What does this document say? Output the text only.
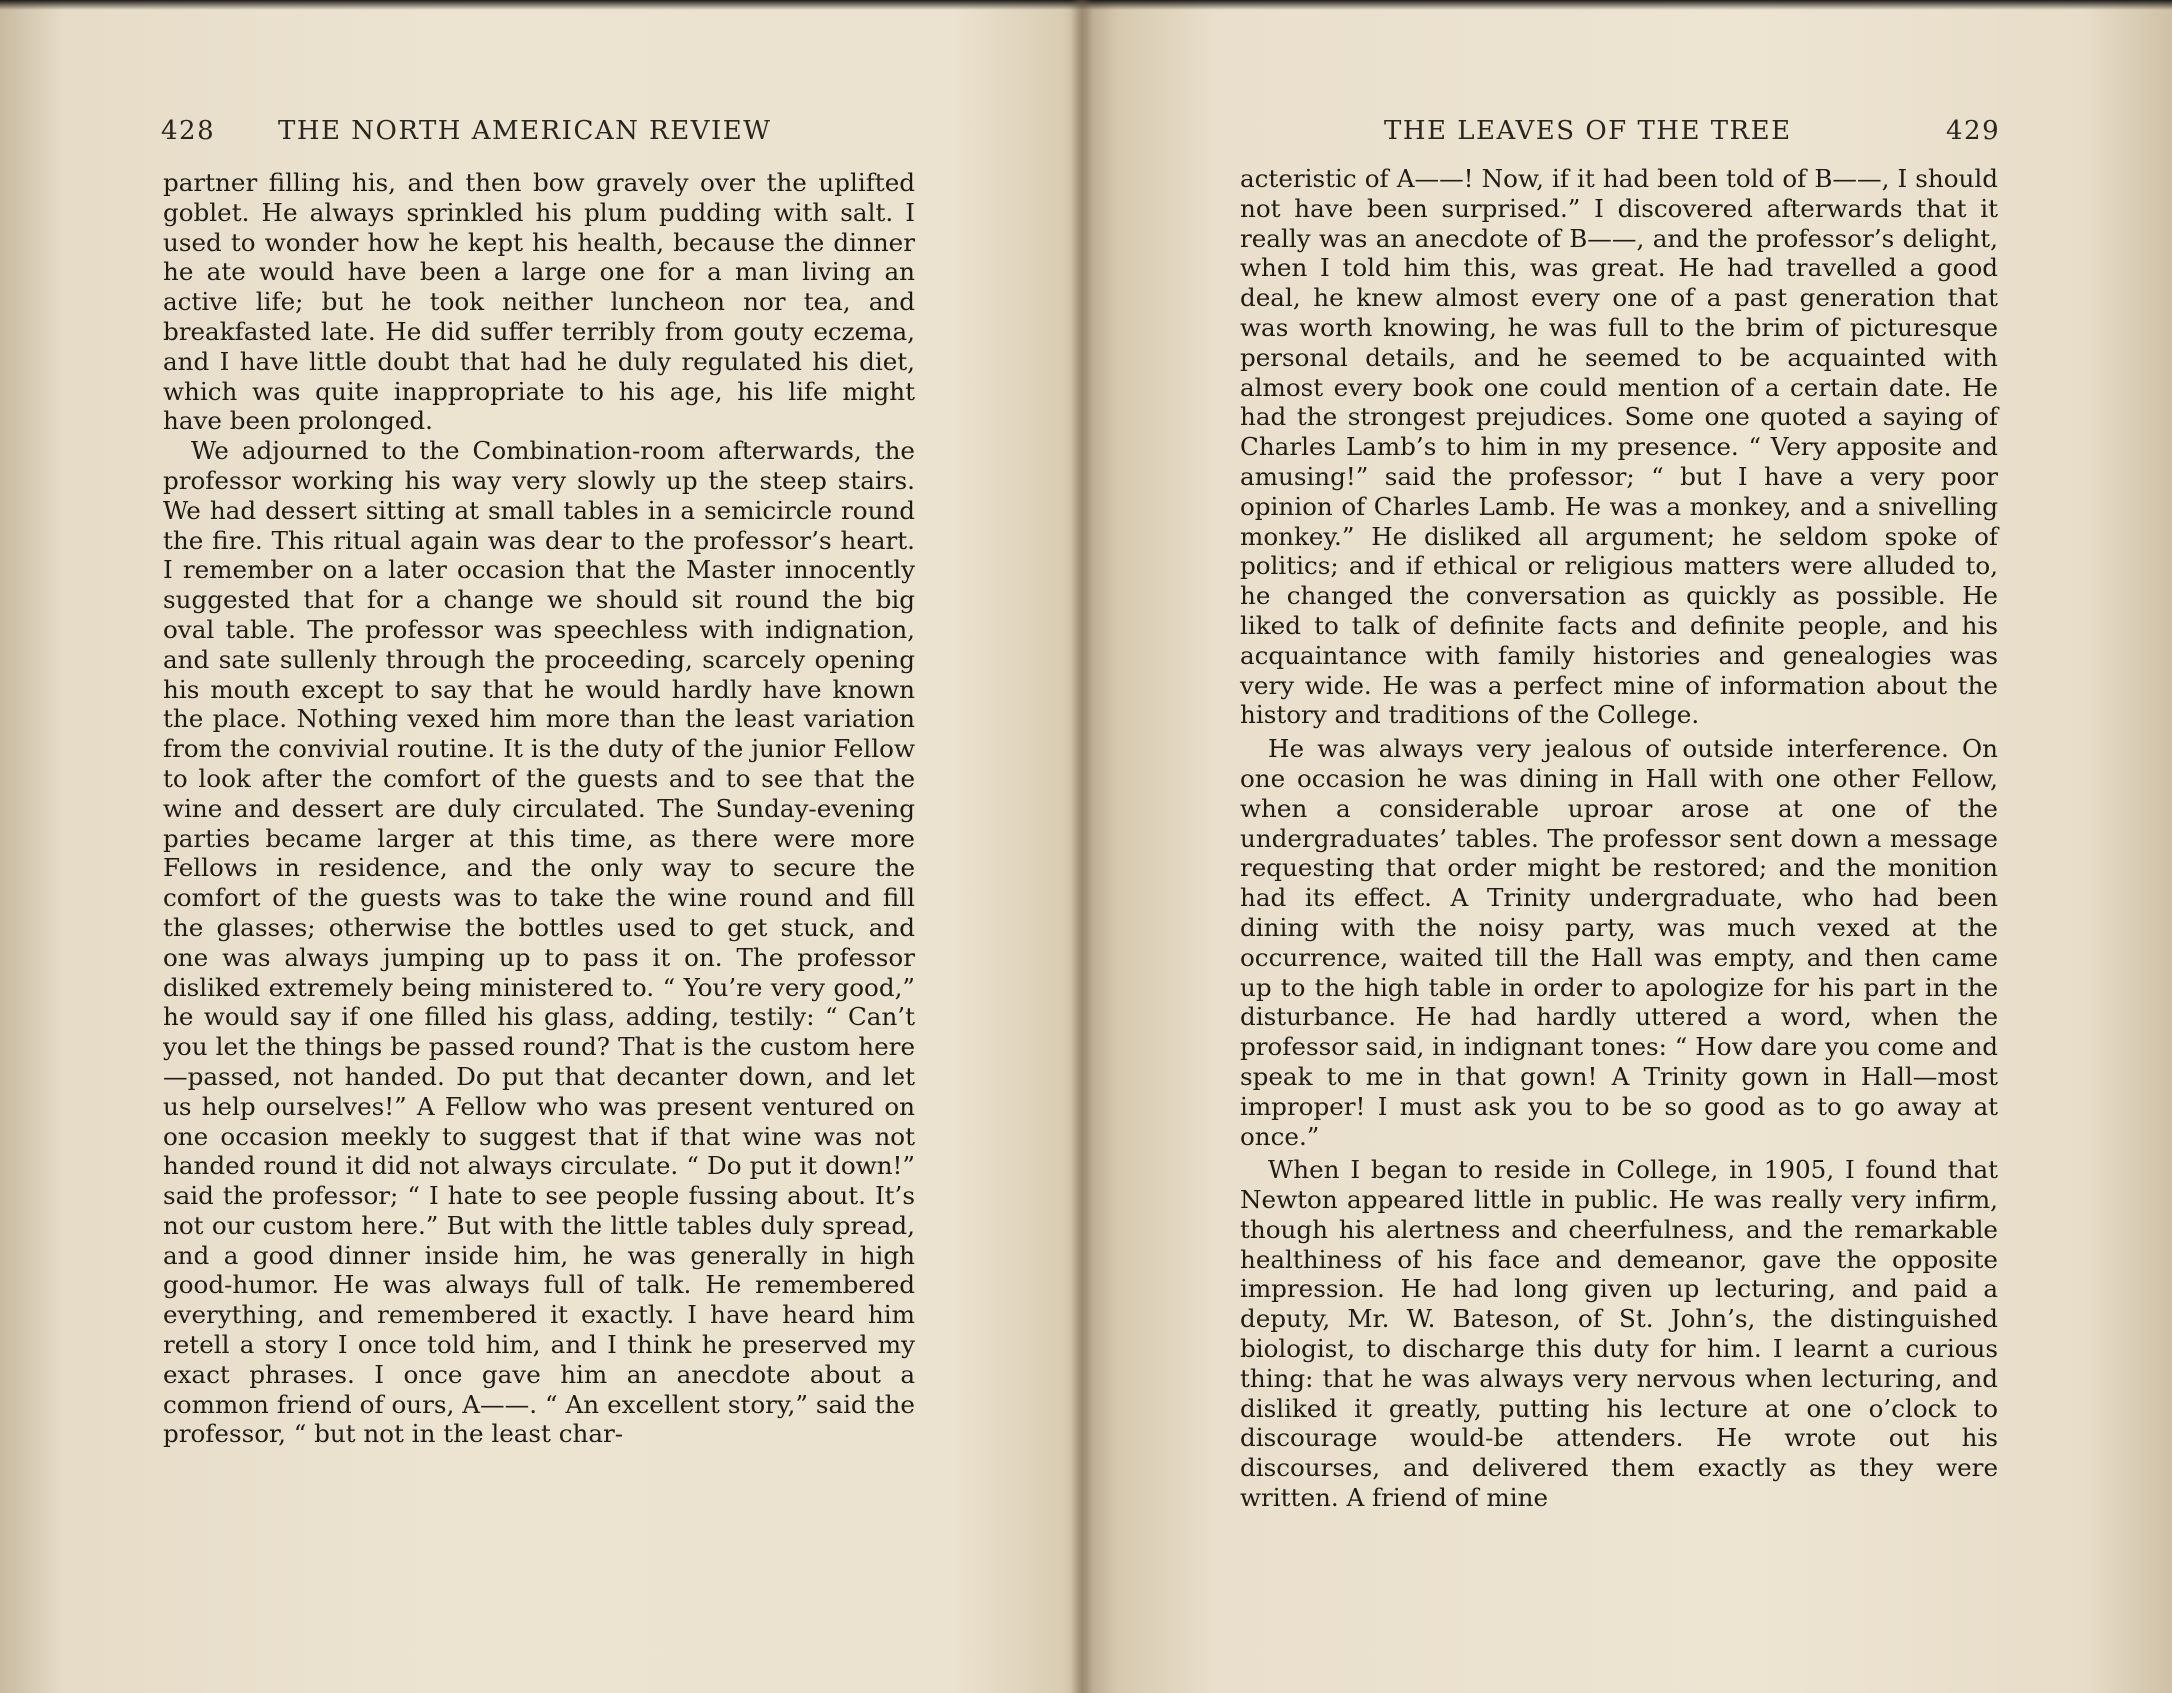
428 THE NORTH AMERICAN REVIEW

partner filling his, and then bow gravely over the uplifted goblet. He always sprinkled his plum pudding with salt. I used to wonder how he kept his health, because the dinner he ate would have been a large one for a man living an active life; but he took neither luncheon nor tea, and breakfasted late. He did suffer terribly from gouty eczema, and I have little doubt that had he duly regulated his diet, which was quite inappropriate to his age, his life might have been prolonged.

We adjourned to the Combination-room afterwards, the professor working his way very slowly up the steep stairs. We had dessert sitting at small tables in a semicircle round the fire. This ritual again was dear to the professor’s heart. I remember on a later occasion that the Master innocently suggested that for a change we should sit round the big oval table. The professor was speechless with indignation, and sate sullenly through the proceeding, scarcely opening his mouth except to say that he would hardly have known the place. Nothing vexed him more than the least variation from the convivial routine. It is the duty of the junior Fellow to look after the comfort of the guests and to see that the wine and dessert are duly circulated. The Sunday-evening parties became larger at this time, as there were more Fellows in residence, and the only way to secure the comfort of the guests was to take the wine round and fill the glasses; otherwise the bottles used to get stuck, and one was always jumping up to pass it on. The professor disliked extremely being ministered to. “ You’re very good,” he would say if one filled his glass, adding, testily: “ Can’t you let the things be passed round? That is the custom here—passed, not handed. Do put that decanter down, and let us help ourselves!” A Fellow who was present ventured on one occasion meekly to suggest that if that wine was not handed round it did not always circulate. “ Do put it down!” said the professor; “ I hate to see people fussing about. It’s not our custom here.” But with the little tables duly spread, and a good dinner inside him, he was generally in high good-humor. He was always full of talk. He remembered everything, and remembered it exactly. I have heard him retell a story I once told him, and I think he preserved my exact phrases. I once gave him an anecdote about a common friend of ours, A——. “ An excellent story,” said the professor, “ but not in the least char-

THE LEAVES OF THE TREE	429

acteristic of A——! Now, if it had been told of B——, I should not have been surprised.” I discovered afterwards that it really was an anecdote of B——, and the professor’s delight, when I told him this, was great. He had travelled a good deal, he knew almost every one of a past generation that was worth knowing, he was full to the brim of picturesque personal details, and he seemed to be acquainted with almost every book one could mention of a certain date. He had the strongest prejudices. Some one quoted a saying of Charles Lamb’s to him in my presence. “ Very apposite and amusing!” said the professor; “ but I have a very poor opinion of Charles Lamb. He was a monkey, and a snivelling monkey.” He disliked all argument; he seldom spoke of politics; and if ethical or religious matters were alluded to, he changed the conversation as quickly as possible. He liked to talk of definite facts and definite people, and his acquaintance with family histories and genealogies was very wide. He was a perfect mine of information about the history and traditions of the College.

He was always very jealous of outside interference. On one occasion he was dining in Hall with one other Fellow, when a considerable uproar arose at one of the undergraduates’ tables. The professor sent down a message requesting that order might be restored; and the monition had its effect. A Trinity undergraduate, who had been dining with the noisy party, was much vexed at the occurrence, waited till the Hall was empty, and then came up to the high table in order to apologize for his part in the disturbance. He had hardly uttered a word, when the professor said, in indignant tones: “ How dare you come and speak to me in that gown! A Trinity gown in Hall—most improper! I must ask you to be so good as to go away at once.”

When I began to reside in College, in 1905, I found that Newton appeared little in public. He was really very infirm, though his alertness and cheerfulness, and the remarkable healthiness of his face and demeanor, gave the opposite impression. He had long given up lecturing, and paid a deputy, Mr. W. Bateson, of St. John’s, the distinguished biologist, to discharge this duty for him. I learnt a curious thing: that he was always very nervous when lecturing, and disliked it greatly, putting his lecture at one o’clock to discourage would-be attenders. He wrote out his discourses, and delivered them exactly as they were written. A friend of mine
